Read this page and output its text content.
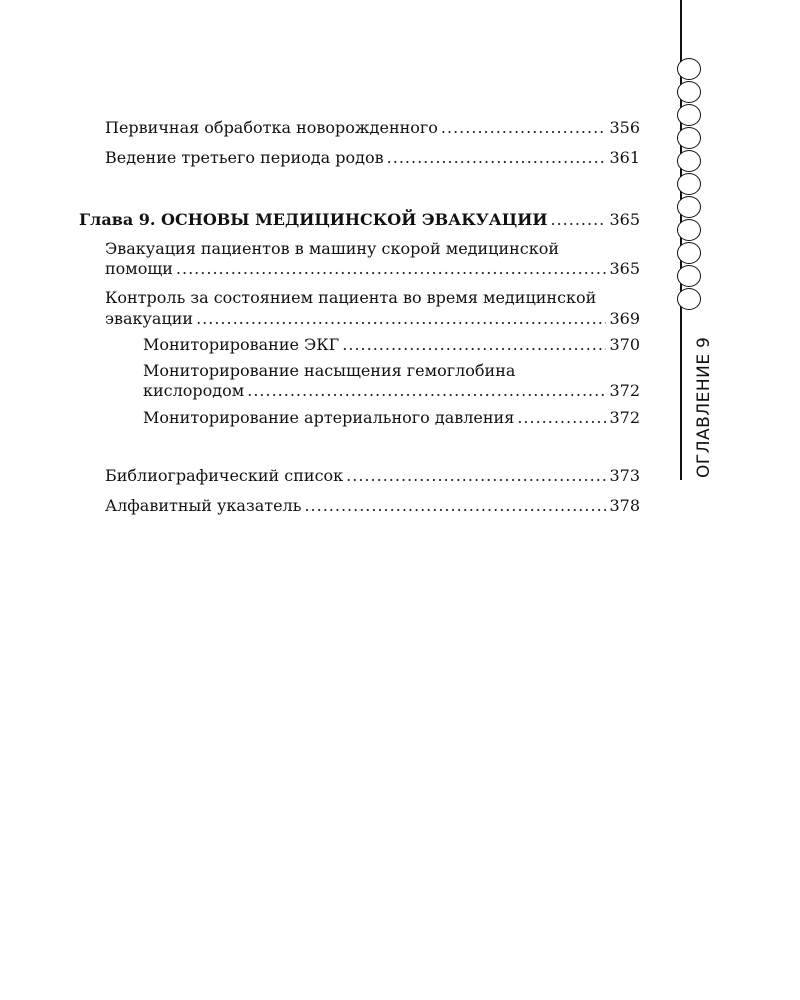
Первичная обработка новорожденного .....	356
Ведение третьего периода родов .....	361
Глава 9. ОСНОВЫ МЕДИЦИНСКОЙ ЭВАКУАЦИИ .....	365
Эвакуация пациентов в машину скорой медицинской
помощи .....	365
Контроль за состоянием пациента во время медицинской
эвакуации .....	369
Мониторирование ЭКГ .....	370
Мониторирование насыщения гемоглобина
кислородом .....	372
Мониторирование артериального давления .....	372
Библиографический список .....	373
Алфавитный указатель .....	378
9
ОГЛАВЛЕНИЕ
